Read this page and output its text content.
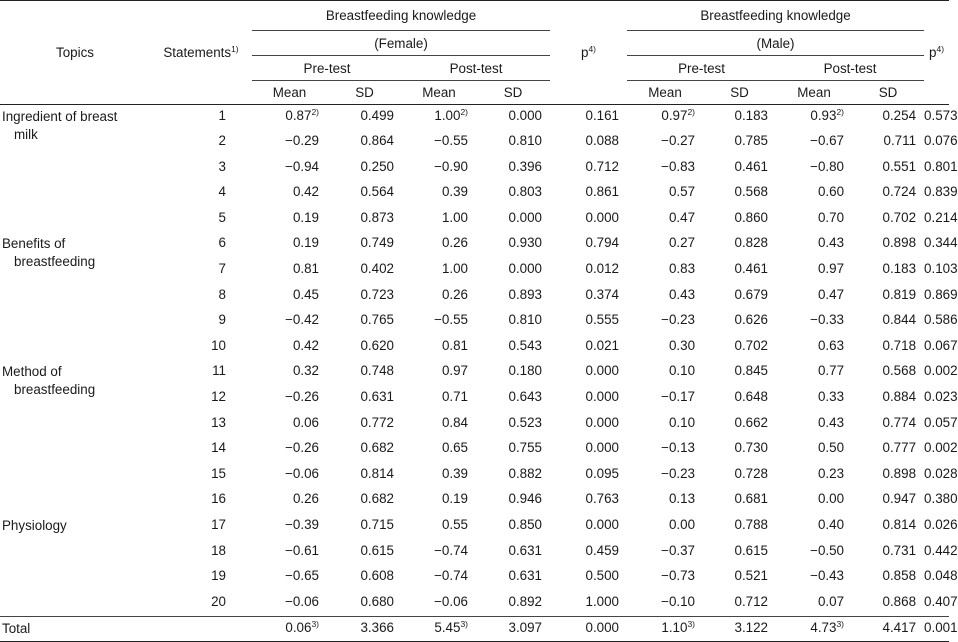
Topics	Statements$^{1)}$	Breastfeeding knowledge				$p^{4)}$	Breastfeeding knowledge				$p^{4)}$
		(Female)					(Male)					
		Pre-test		Post-test			Pre-test		Post-test			
		Mean	SD	Mean	SD		Mean	SD	Mean	SD		

Ingredient of breast
milk	1	0.87$^{2)}$	0.499	1.00$^{2)}$	0.000	0.161	0.97$^{2)}$	0.183	0.93$^{2)}$	0.254	0.573	
	2	−0.29	0.864	−0.55	0.810	0.088	−0.27	0.785	−0.67	0.711	0.076	
	3	−0.94	0.250	−0.90	0.396	0.712	−0.83	0.461	−0.80	0.551	0.801	
	4	0.42	0.564	0.39	0.803	0.861	0.57	0.568	0.60	0.724	0.839	
	5	0.19	0.873	1.00	0.000	0.000	0.47	0.860	0.70	0.702	0.214	

Benefits of
breastfeeding	6	0.19	0.749	0.26	0.930	0.794	0.27	0.828	0.43	0.898	0.344	
	7	0.81	0.402	1.00	0.000	0.012	0.83	0.461	0.97	0.183	0.103	
	8	0.45	0.723	0.26	0.893	0.374	0.43	0.679	0.47	0.819	0.869	
	9	−0.42	0.765	−0.55	0.810	0.555	−0.23	0.626	−0.33	0.844	0.586	
	10	0.42	0.620	0.81	0.543	0.021	0.30	0.702	0.63	0.718	0.067	

Method of
breastfeeding	11	0.32	0.748	0.97	0.180	0.000	0.10	0.845	0.77	0.568	0.002	
	12	−0.26	0.631	0.71	0.643	0.000	−0.17	0.648	0.33	0.884	0.023	
	13	0.06	0.772	0.84	0.523	0.000	0.10	0.662	0.43	0.774	0.057	
	14	−0.26	0.682	0.65	0.755	0.000	−0.13	0.730	0.50	0.777	0.002	
	15	−0.06	0.814	0.39	0.882	0.095	−0.23	0.728	0.23	0.898	0.028	
	16	0.26	0.682	0.19	0.946	0.763	0.13	0.681	0.00	0.947	0.380	

Physiology	17	−0.39	0.715	0.55	0.850	0.000	0.00	0.788	0.40	0.814	0.026	
	18	−0.61	0.615	−0.74	0.631	0.459	−0.37	0.615	−0.50	0.731	0.442	
	19	−0.65	0.608	−0.74	0.631	0.500	−0.73	0.521	−0.43	0.858	0.048	
	20	−0.06	0.680	−0.06	0.892	1.000	−0.10	0.712	0.07	0.868	0.407	
Total		0.06$^{3)}$	3.366	5.45$^{3)}$	3.097	0.000	1.10$^{3)}$	3.122	4.73$^{3)}$	4.417	0.001	
